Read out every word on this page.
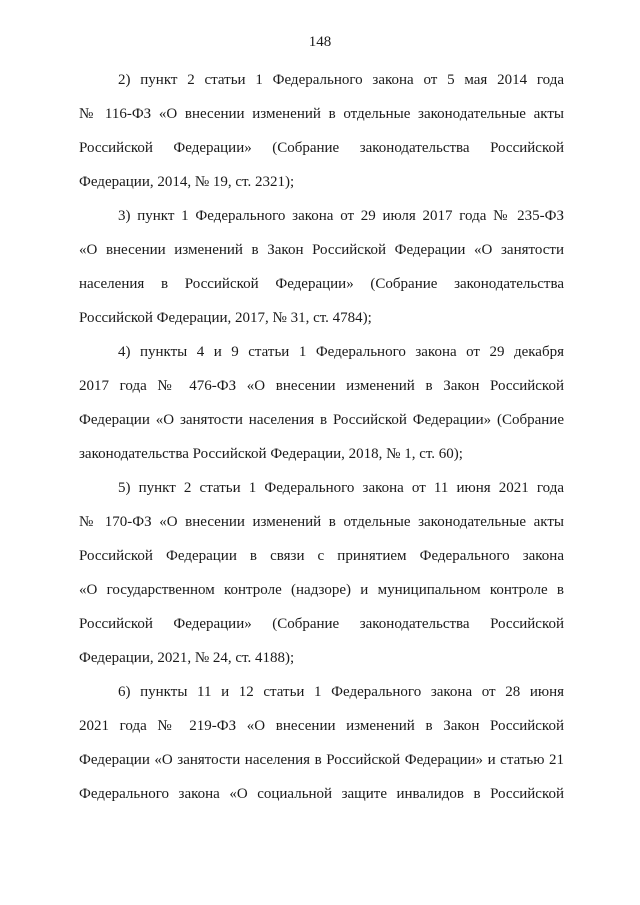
148
2) пункт 2 статьи 1 Федерального закона от 5 мая 2014 года
№ 116-ФЗ «О внесении изменений в отдельные законодательные акты
Российской Федерации» (Собрание законодательства Российской
Федерации, 2014, № 19, ст. 2321);
3) пункт 1 Федерального закона от 29 июля 2017 года № 235-ФЗ
«О внесении изменений в Закон Российской Федерации «О занятости
населения в Российской Федерации» (Собрание законодательства
Российской Федерации, 2017, № 31, ст. 4784);
4) пункты 4 и 9 статьи 1 Федерального закона от 29 декабря
2017 года № 476-ФЗ «О внесении изменений в Закон Российской
Федерации «О занятости населения в Российской Федерации» (Собрание
законодательства Российской Федерации, 2018, № 1, ст. 60);
5) пункт 2 статьи 1 Федерального закона от 11 июня 2021 года
№ 170-ФЗ «О внесении изменений в отдельные законодательные акты
Российской Федерации в связи с принятием Федерального закона
«О государственном контроле (надзоре) и муниципальном контроле в
Российской Федерации» (Собрание законодательства Российской
Федерации, 2021, № 24, ст. 4188);
6) пункты 11 и 12 статьи 1 Федерального закона от 28 июня
2021 года № 219-ФЗ «О внесении изменений в Закон Российской
Федерации «О занятости населения в Российской Федерации» и статью 21
Федерального закона «О социальной защите инвалидов в Российской
